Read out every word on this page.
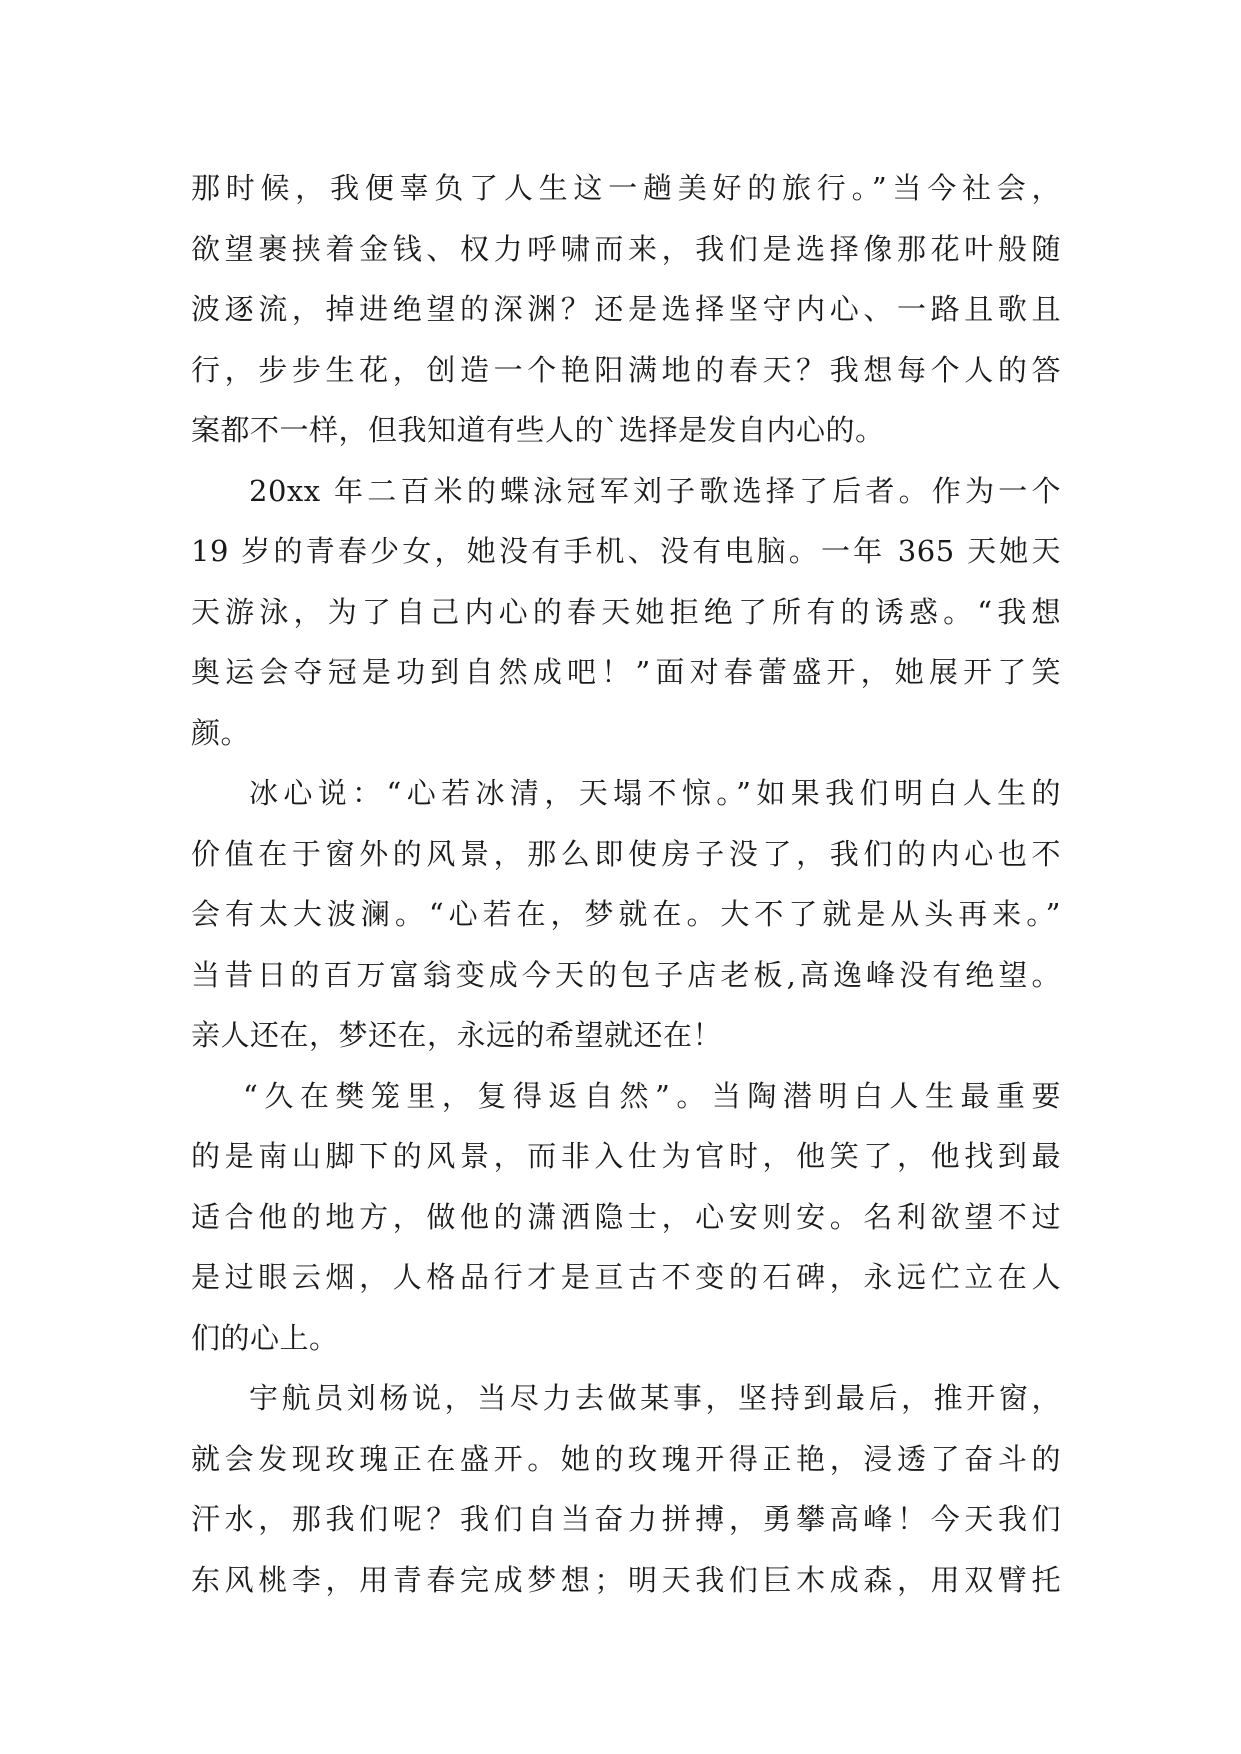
那时候，我便辜负了人生这一趟美好的旅行。”当今社会，
欲望裹挟着金钱、权力呼啸而来，我们是选择像那花叶般随
波逐流，掉进绝望的深渊？还是选择坚守内心、一路且歌且
行，步步生花，创造一个艳阳满地的春天？我想每个人的答
案都不一样，但我知道有些人的`选择是发自内心的。
20xx 年二百米的蝶泳冠军刘子歌选择了后者。作为一个
19 岁的青春少女，她没有手机、没有电脑。一年 365 天她天
天游泳，为了自己内心的春天她拒绝了所有的诱惑。“我想
奥运会夺冠是功到自然成吧！”面对春蕾盛开，她展开了笑
颜。
冰心说：“心若冰清，天塌不惊。”如果我们明白人生的
价值在于窗外的风景，那么即使房子没了，我们的内心也不
会有太大波澜。“心若在，梦就在。大不了就是从头再来。”
当昔日的百万富翁变成今天的包子店老板,高逸峰没有绝望。
亲人还在，梦还在，永远的希望就还在！
“久在樊笼里，复得返自然”。当陶潜明白人生最重要
的是南山脚下的风景，而非入仕为官时，他笑了，他找到最
适合他的地方，做他的潇洒隐士，心安则安。名利欲望不过
是过眼云烟，人格品行才是亘古不变的石碑，永远伫立在人
们的心上。
宇航员刘杨说，当尽力去做某事，坚持到最后，推开窗，
就会发现玫瑰正在盛开。她的玫瑰开得正艳，浸透了奋斗的
汗水，那我们呢？我们自当奋力拼搏，勇攀高峰！今天我们
东风桃李，用青春完成梦想；明天我们巨木成森，用双臂托
